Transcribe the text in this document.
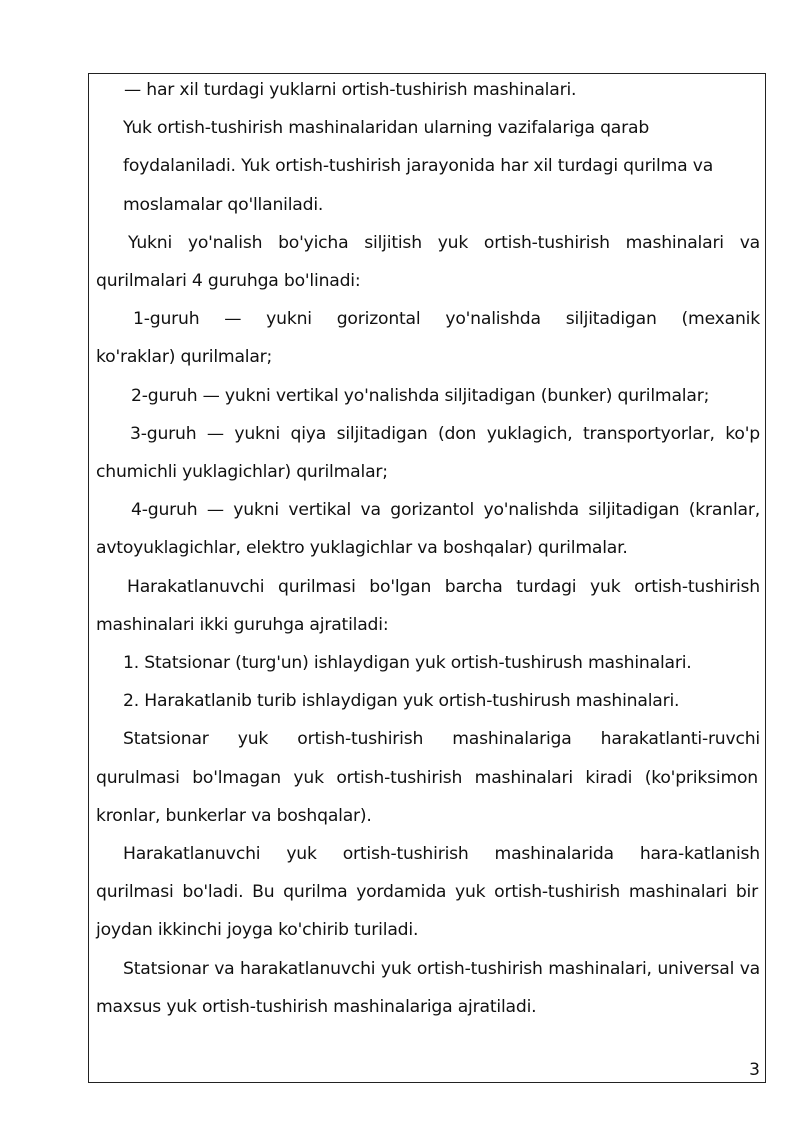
— har xil turdagi yuklarni ortish-tushirish mashinalari.
Yuk ortish-tushirish mashinalaridan ularning vazifalariga qarab
foydalaniladi. Yuk ortish-tushirish jarayonida har xil turdagi qurilma va
moslamalar qo'llaniladi.
Yukni yo'nalish bo'yicha siljitish yuk ortish-tushirish mashinalari va
qurilmalari 4 guruhga bo'linadi:
1-guruh — yukni gorizontal yo'nalishda siljitadigan (mexanik
ko'raklar) qurilmalar;
2-guruh — yukni vertikal yo'nalishda siljitadigan (bunker) qurilmalar;
3-guruh — yukni qiya siljitadigan (don yuklagich, transportyorlar, ko'p
chumichli yuklagichlar) qurilmalar;
4-guruh — yukni vertikal va gorizantol yo'nalishda siljitadigan (kranlar,
avtoyuklagichlar, elektro yuklagichlar va boshqalar) qurilmalar.
Harakatlanuvchi qurilmasi bo'lgan barcha turdagi yuk ortish-tushirish
mashinalari ikki guruhga ajratiladi:
1. Statsionar (turg'un) ishlaydigan yuk ortish-tushirush mashinalari.
2. Harakatlanib turib ishlaydigan yuk ortish-tushirush mashinalari.
Statsionar yuk ortish-tushirish mashinalariga harakatlanti-ruvchi
qurulmasi bo'lmagan yuk ortish-tushirish mashinalari kiradi (ko'priksimon
kronlar, bunkerlar va boshqalar).
Harakatlanuvchi yuk ortish-tushirish mashinalarida hara-katlanish
qurilmasi bo'ladi. Bu qurilma yordamida yuk ortish-tushirish mashinalari bir
joydan ikkinchi joyga ko'chirib turiladi.
Statsionar va harakatlanuvchi yuk ortish-tushirish mashinalari, universal va
maxsus yuk ortish-tushirish mashinalariga ajratiladi.
3
